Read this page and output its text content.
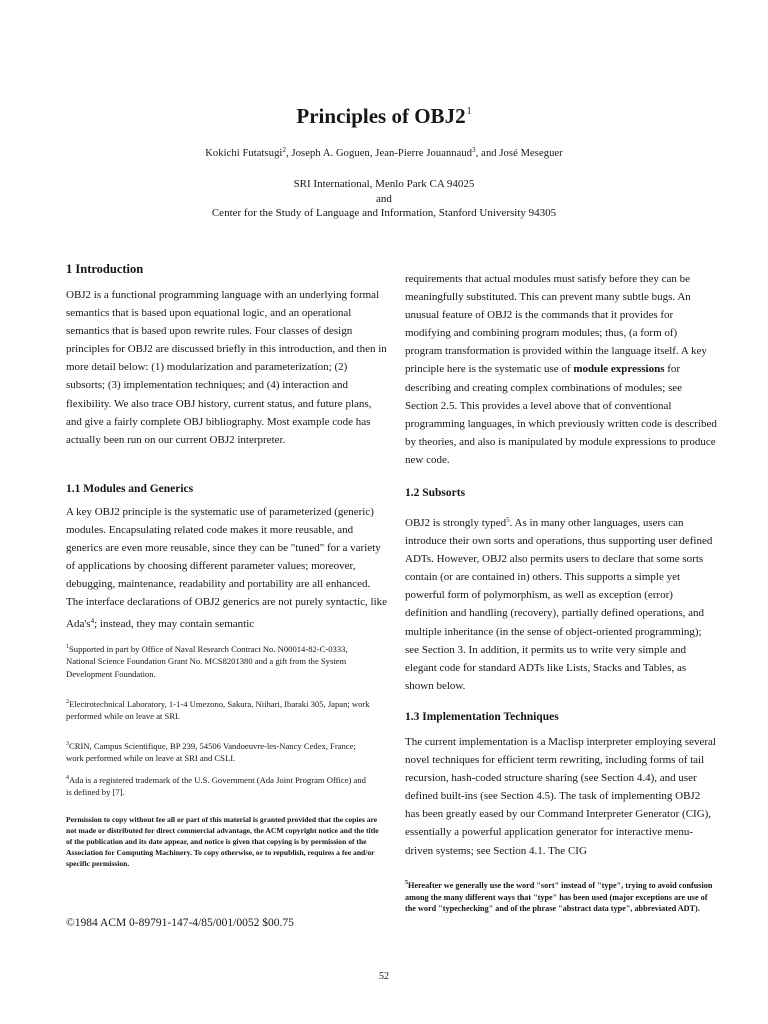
Principles of $OBJ2^1$
Kokichi Futatsugi$^2$, Joseph A. Goguen, Jean-Pierre Jouannaud$^3$, and José Meseguer
SRI International, Menlo Park CA 94025
and
Center for the Study of Language and Information, Stanford University 94305
1 Introduction

OBJ2 is a functional programming language with an underlying formal semantics that is based upon equational logic, and an operational semantics that is based upon rewrite rules. Four classes of design principles for OBJ2 are discussed briefly in this introduction, and then in more detail below: (1) modularization and parameterization; (2) subsorts; (3) implementation techniques; and (4) interaction and flexibility. We also trace OBJ history, current status, and future plans, and give a fairly complete OBJ bibliography. Most example code has actually been run on our current OBJ2 interpreter.

1.1 Modules and Generics

A key OBJ2 principle is the systematic use of parameterized (generic) modules. Encapsulating related code makes it more reusable, and generics are even more reusable, since they can be "tuned" for a variety of applications by choosing different parameter values; moreover, debugging, maintenance, readability and portability are all enhanced. The interface declarations of OBJ2 generics are not purely syntactic, like $Ada's^4$; instead, they may contain semantic

$^1$Supported in part by Office of Naval Research Contract No. N00014-82-C-0333, National Science Foundation Grant No. MCS8201380 and a gift from the System Development Foundation.

$^2$Electrotechnical Laboratory, 1-1-4 Umezono, Sakura, Niihari, Ibaraki 305, Japan; work performed while on leave at SRI.

$^3$CRIN, Campus Scientifique, BP 239, 54506 Vandoeuvre-les-Nancy Cedex, France; work performed while on leave at SRI and CSLI.

$^4$Ada is a registered trademark of the U.S. Government (Ada Joint Program Office) and is defined by [7].

Permission to copy without fee all or part of this material is granted provided that the copies are not made or distributed for direct commercial advantage, the ACM copyright notice and the title of the publication and its date appear, and notice is given that copying is by permission of the Association for Computing Machinery. To copy otherwise, or to republish, requires a fee and/or specific permission.

©1984 ACM 0-89791-147-4/85/001/0052 $00.75

requirements that actual modules must satisfy before they can be meaningfully substituted. This can prevent many subtle bugs. An unusual feature of OBJ2 is the commands that it provides for modifying and combining program modules; thus, (a form of) program transformation is provided within the language itself. A key principle here is the systematic use of module expressions for describing and creating complex combinations of modules; see Section 2.5. This provides a level above that of conventional programming languages, in which previously written code is described by theories, and also is manipulated by module expressions to produce new code.

1.2 Subsorts

OBJ2 is strongly typed$^5$. As in many other languages, users can introduce their own sorts and operations, thus supporting user defined ADTs. However, OBJ2 also permits users to declare that some sorts contain (or are contained in) others. This supports a simple yet powerful form of polymorphism, as well as exception (error) definition and handling (recovery), partially defined operations, and multiple inheritance (in the sense of object-oriented programming); see Section 3. In addition, it permits us to write very simple and elegant code for standard ADTs like Lists, Stacks and Tables, as shown below.

1.3 Implementation Techniques

The current implementation is a Maclisp interpreter employing several novel techniques for efficient term rewriting, including forms of tail recursion, hash-coded structure sharing (see Section 4.4), and user defined built-ins (see Section 4.5). The task of implementing OBJ2 has been greatly eased by our Command Interpreter Generator (CIG), essentially a powerful application generator for interactive menu-driven systems; see Section 4.1. The CIG

$^5$Hereafter we generally use the word "sort" instead of "type", trying to avoid confusion among the many different ways that "type" has been used (major exceptions are use of the word "typechecking" and of the phrase "abstract data type", abbreviated ADT).

52
